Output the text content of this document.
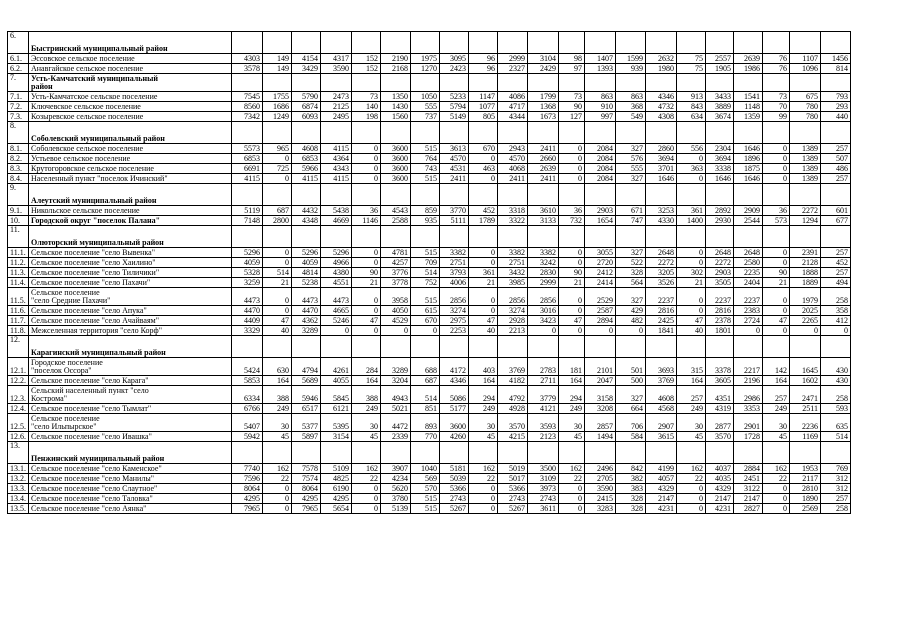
6.	
Быстринский муниципальный район																					
6.1.	Эссовское сельское поселение	4303	149	4154	4317	152	2190	1975	3095	96	2999	3104	98	1407	1599	2632	75	2557	2639	76	1107	1456
6.2.	Анавгайское сельское поселение	3578	149	3429	3590	152	2168	1270	2423	96	2327	2429	97	1393	939	1980	75	1905	1986	76	1096	814
7.	Усть-Камчатский муниципальный
район																					
7.1.	Усть-Камчатское сельское поселение	7545	1755	5790	2473	73	1350	1050	5233	1147	4086	1799	73	863	863	4346	913	3433	1541	73	675	793
7.2.	Ключевское сельское поселение	8560	1686	6874	2125	140	1430	555	5794	1077	4717	1368	90	910	368	4732	843	3889	1148	70	780	293
7.3.	Козыревское сельское поселение	7342	1249	6093	2495	198	1560	737	5149	805	4344	1673	127	997	549	4308	634	3674	1359	99	780	440
8.	
Соболевский муниципальный район																					
8.1.	Соболевское сельское поселение	5573	965	4608	4115	0	3600	515	3613	670	2943	2411	0	2084	327	2860	556	2304	1646	0	1389	257
8.2.	Устьевое сельское поселение	6853	0	6853	4364	0	3600	764	4570	0	4570	2660	0	2084	576	3694	0	3694	1896	0	1389	507
8.3.	Крутогоровское сельское поселение	6691	725	5966	4343	0	3600	743	4531	463	4068	2639	0	2084	555	3701	363	3338	1875	0	1389	486
8.4.	Населенный пункт "поселок Ичинский"	4115	0	4115	4115	0	3600	515	2411	0	2411	2411	0	2084	327	1646	0	1646	1646	0	1389	257
9.	
Алеутский муниципальный район																					
9.1.	Никольское сельское поселение	5119	687	4432	5438	36	4543	859	3770	452	3318	3610	36	2903	671	3253	361	2892	2909	36	2272	601
10.	Городской округ "поселок Палана"	7148	2800	4348	4669	1146	2588	935	5111	1789	3322	3133	732	1654	747	4330	1400	2930	2544	573	1294	677
11.	
Олюторский муниципальный район																					
11.1.	Сельское поселение "село Вывенка"	5296	0	5296	5296	0	4781	515	3382	0	3382	3382	0	3055	327	2648	0	2648	2648	0	2391	257
11.2.	Сельское поселение "село Хаилино"	4059	0	4059	4966	0	4257	709	2751	0	2751	3242	0	2720	522	2272	0	2272	2580	0	2128	452
11.3.	Сельское поселение "село Тиличики"	5328	514	4814	4380	90	3776	514	3793	361	3432	2830	90	2412	328	3205	302	2903	2235	90	1888	257
11.4.	Сельское поселение "село Пахачи"	3259	21	5238	4551	21	3778	752	4006	21	3985	2999	21	2414	564	3526	21	3505	2404	21	1889	494
11.5.	Сельское поселение
"село Средние Пахачи"	4473	0	4473	4473	0	3958	515	2856	0	2856	2856	0	2529	327	2237	0	2237	2237	0	1979	258
11.6.	Сельское поселение "село Апука"	4470	0	4470	4665	0	4050	615	3274	0	3274	3016	0	2587	429	2816	0	2816	2383	0	2025	358
11.7.	Сельское поселение "село Ачайваям"	4409	47	4362	5246	47	4529	670	2975	47	2928	3423	47	2894	482	2425	47	2378	2724	47	2265	412
11.8.	Межселенная территория "село Корф"	3329	40	3289	0	0	0	0	2253	40	2213	0	0	0	0	1841	40	1801	0	0	0	0
12.	
Карагинский муниципальный район																					
12.1.	Городское поселение
"поселок Оссора"	5424	630	4794	4261	284	3289	688	4172	403	3769	2783	181	2101	501	3693	315	3378	2217	142	1645	430
12.2.	Сельское поселение "село Карага"	5853	164	5689	4055	164	3204	687	4346	164	4182	2711	164	2047	500	3769	164	3605	2196	164	1602	430
12.3.	Сельский населенный пункт "село
Кострома"	6334	388	5946	5845	388	4943	514	5086	294	4792	3779	294	3158	327	4608	257	4351	2986	257	2471	258
12.4.	Сельское поселение "село Тымлат"	6766	249	6517	6121	249	5021	851	5177	249	4928	4121	249	3208	664	4568	249	4319	3353	249	2511	593
12.5.	Сельское поселение
"село Ильпырское"	5407	30	5377	5395	30	4472	893	3600	30	3570	3593	30	2857	706	2907	30	2877	2901	30	2236	635
12.6.	Сельское поселение "село Ивашка"	5942	45	5897	3154	45	2339	770	4260	45	4215	2123	45	1494	584	3615	45	3570	1728	45	1169	514
13.	
Пенжинский муниципальный район																					
13.1.	Сельское поселение "село Каменское"	7740	162	7578	5109	162	3907	1040	5181	162	5019	3500	162	2496	842	4199	162	4037	2884	162	1953	769
13.2.	Сельское поселение "село Манилы"	7596	22	7574	4825	22	4234	569	5039	22	5017	3109	22	2705	382	4057	22	4035	2451	22	2117	312
13.3.	Сельское поселение "село Слаутное"	8064	0	8064	6190	0	5620	570	5366	0	5366	3973	0	3590	383	4329	0	4329	3122	0	2810	312
13.4.	Сельское поселение "село Таловка"	4295	0	4295	4295	0	3780	515	2743	0	2743	2743	0	2415	328	2147	0	2147	2147	0	1890	257
13.5.	Сельское поселение "село Аянка"	7965	0	7965	5654	0	5139	515	5267	0	5267	3611	0	3283	328	4231	0	4231	2827	0	2569	258
